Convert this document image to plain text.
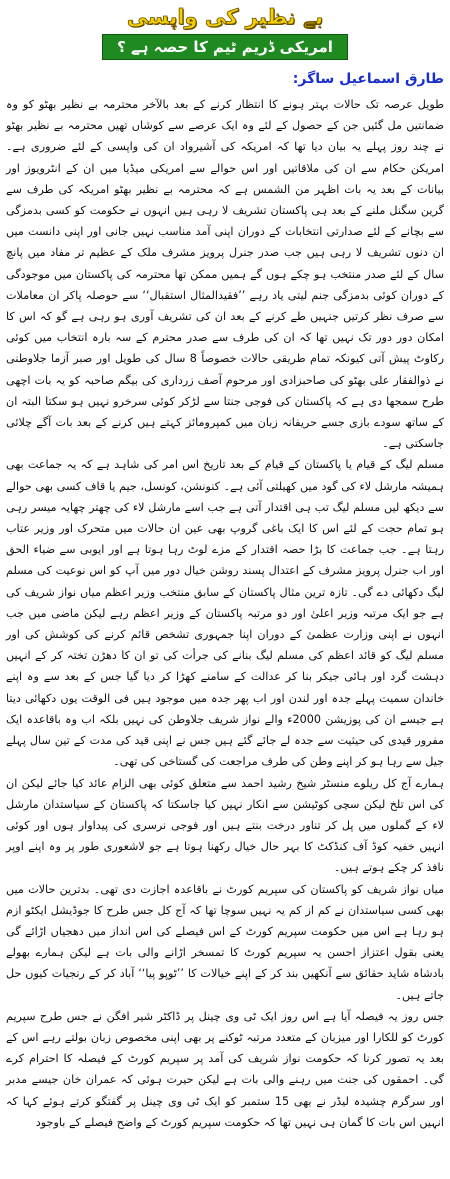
بے نظیر کی واپسی
امریکی ڈریم ٹیم کا حصہ ہے ؟
طارق اسماعیل ساگر:

طویل عرصہ تک حالات بہتر ہونے کا انتظار کرنے کے بعد بالآخر محترمہ بے نظیر بھٹو کو وہ ضمانتیں مل گئیں جن کے حصول کے لئے وہ ایک عرصے سے کوشاں تھیں محترمہ بے نظیر بھٹو نے چند روز پہلے یہ بیان دیا تھا کہ امریکہ کی آشیرواد ان کی واپسی کے لئے ضروری ہے۔ امریکن حکام سے ان کی ملاقاتیں اور اس حوالے سے امریکی میڈیا میں ان کے انٹرویوز اور بیانات کے بعد یہ بات اظہر من الشمس ہے کہ محترمہ بے نظیر بھٹو امریکہ کی طرف سے گرین سگنل ملنے کے بعد ہی پاکستان تشریف لا رہی ہیں انہوں نے حکومت کو کسی بدمزگی سے بچانے کے لئے صدارتی انتخابات کے دوران اپنی آمد مناسب نہیں جانی اور اپنی دانست میں ان دنوں تشریف لا رہی ہیں جب صدر جنرل پرویز مشرف ملک کے عظیم تر مفاد میں پانچ سال کے لئے صدر منتخب ہو چکے ہوں گے ہمیں ممکن تھا محترمہ کی پاکستان میں موجودگی کے دوران کوئی بدمزگی جنم لیتی یاد رہے ’’فقیدالمثال استقبال‘‘ سے حوصلہ پاکر ان معاملات سے صرف نظر کرتیں جنہیں طے کرنے کے بعد ان کی تشریف آوری ہو رہی ہے گو کہ اس کا امکان دور دور تک نہیں تھا کہ ان کی طرف سے صدر محترم کے سہ بارہ انتخاب میں کوئی رکاوٹ پیش آتی کیونکہ تمام طریقی حالات خصوصاً 8 سال کی طویل اور صبر آزما جلاوطنی نے ذوالفقار علی بھٹو کی صاحبزادی اور مرحوم آصف زرداری کی بیگم صاحبہ کو یہ بات اچھی طرح سمجھا دی ہے کہ پاکستان کی فوجی جنتا سے لڑکر کوئی سرخرو نہیں ہو سکتا البتہ ان کے ساتھ سودے بازی جسے حریفانہ زبان میں کمپرومائز کہتے ہیں کرنے کے بعد بات آگے چلائی جاسکتی ہے۔

مسلم لیگ کے قیام یا پاکستان کے قیام کے بعد تاریخ اس امر کی شاہد ہے کہ یہ جماعت بھی ہمیشہ مارشل لاء کی گود میں کھیلتی آئی ہے۔ کنونشن، کونسل، جیم یا قاف کسی بھی حوالے سے دیکھ لیں مسلم لیگ تب ہی اقتدار آتی ہے جب اسے مارشل لاء کی چھتر چھایہ میسر رہی ہو تمام حجت کے لئے اس کا ایک باغی گروپ بھی عین ان حالات میں متحرک اور وزیر عتاب رہتا ہے۔ جب جماعت کا بڑا حصہ اقتدار کے مزے لوٹ رہا ہوتا ہے اور ایوبی سے ضیاء الحق اور اب جنرل پرویز مشرف کے اعتدال پسند روشن خیال دور میں آپ کو اس نوعیت کی مسلم لیگ دکھائی دے گی۔ تازہ ترین مثال پاکستان کے سابق منتخب وزیر اعظم میاں نواز شریف کی ہے جو ایک مرتبہ وزیر اعلیٰ اور دو مرتبہ پاکستان کے وزیر اعظم رہے لیکن ماضی میں جب انہوں نے اپنی وزارت عظمیٰ کے دوران اپنا جمہوری تشخص قائم کرنے کی کوشش کی اور مسلم لیگ کو قائد اعظم کی مسلم لیگ بنانے کی جرأت کی تو ان کا دھڑن تختہ کر کے انہیں دہشت گرد اور ہائی جیکر بنا کر عدالت کے سامنے کھڑا کر دیا گیا جس کے بعد سے وہ اپنے خاندان سمیت پہلے جدہ اور لندن اور اب پھر جدہ میں موجود ہیں فی الوقت یوں دکھائی دیتا ہے جیسے ان کی پوزیشن 2000ء والے نواز شریف جلاوطن کی نہیں بلکہ اب وہ باقاعدہ ایک مفرور قیدی کی حیثیت سے جدہ لے جائے گئے ہیں جس نے اپنی قید کی مدت کے تین سال پہلے جیل سے رہا ہو کر اپنے وطن کی طرف مراجعت کی گستاخی کی تھی۔

ہمارے آج کل ریلوے منسٹر شیخ رشید احمد سے متعلق کوئی بھی الزام عائد کیا جائے لیکن ان کی اس تلخ لیکن سچی کوٹیشن سے انکار نہیں کیا جاسکتا کہ پاکستان کے سیاستدان مارشل لاء کے گملوں میں پل کر تناور درخت بنتے ہیں اور فوجی نرسری کی پیداوار ہوں اور کوئی انہیں خفیہ کوڈ آف کنڈکٹ کا بہر حال خیال رکھنا ہوتا ہے جو لاشعوری طور پر وہ اپنے اوپر نافذ کر چکے ہوتے ہیں۔

میاں نواز شریف کو پاکستان کی سپریم کورٹ نے باقاعدہ اجازت دی تھی۔ بدترین حالات میں بھی کسی سیاستدان نے کم از کم یہ نہیں سوچا تھا کہ آج کل جس طرح کا جوڈیشل ایکٹو ازم ہو رہا ہے اس میں حکومت سپریم کورٹ کے اس فیصلے کی اس انداز میں دھجیاں اڑائے گی یعنی بقول اعتزاز احسن یہ سپریم کورٹ کا تمسخر اڑانے والی بات ہے لیکن ہمارے بھولے بادشاہ شاید حقائق سے آنکھیں بند کر کے اپنے خیالات کا ’’ٹوپو پیا‘‘ آباد کر کے رنجیات کیوں حل جاتے ہیں۔

جس روز یہ فیصلہ آیا ہے اس روز ایک ٹی وی چینل پر ڈاکٹر شیر افگن نے جس طرح سپریم کورٹ کو للکارا اور میزبان کے متعدد مرتبہ ٹوکنے پر بھی اپنی مخصوص زبان بولتے رہے اس کے بعد یہ تصور کرنا کہ حکومت نواز شریف کی آمد پر سپریم کورٹ کے فیصلہ کا احترام کرے گی۔ احمقوں کی جنت میں رہنے والی بات ہے لیکن حیرت ہوئی کہ عمران خان جیسے مدبر اور سرگرم چشیدہ لیڈر نے بھی 15 ستمبر کو ایک ٹی وی چینل پر گفتگو کرتے ہوئے کہا کہ انہیں اس بات کا گمان ہی نہیں تھا کہ حکومت سپریم کورٹ کے واضح فیصلے کے باوجود
